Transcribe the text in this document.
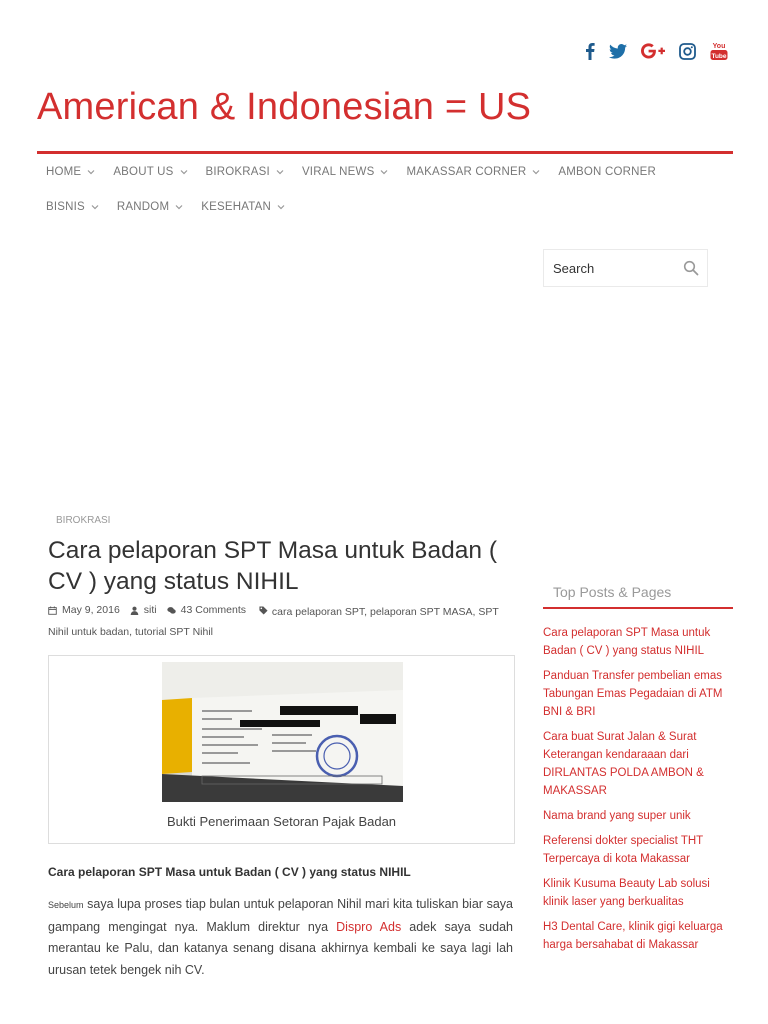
You
Tube
American & Indonesian = US
HOME	ABOUT US	BIROKRASI	VIRAL NEWS	MAKASSAR CORNER	AMBON CORNER
BISNIS	RANDOM	KESEHATAN
Search
BIROKRASI
Cara pelaporan SPT Masa untuk Badan ( CV ) yang status NIHIL
May 9, 2016 siti 43 Comments cara pelaporan SPT, pelaporan SPT MASA, SPT Nihil untuk badan, tutorial SPT Nihil
Bukti Penerimaan Setoran Pajak Badan
Cara pelaporan SPT Masa untuk Badan ( CV ) yang status NIHIL

Sebelum saya lupa proses tiap bulan untuk pelaporan Nihil mari kita tuliskan biar saya gampang mengingat nya. Maklum direktur nya Dispro Ads adek saya sudah merantau ke Palu, dan katanya senang disana akhirnya kembali ke saya lagi lah urusan tetek bengek nih CV.

Top Posts & Pages
Cara pelaporan SPT Masa untuk Badan ( CV ) yang status NIHIL
Panduan Transfer pembelian emas Tabungan Emas Pegadaian di ATM BNI & BRI
Cara buat Surat Jalan & Surat Keterangan kendaraaan dari DIRLANTAS POLDA AMBON & MAKASSAR
Nama brand yang super unik
Referensi dokter specialist THT Terpercaya di kota Makassar
Klinik Kusuma Beauty Lab solusi klinik laser yang berkualitas
H3 Dental Care, klinik gigi keluarga harga bersahabat di Makassar
